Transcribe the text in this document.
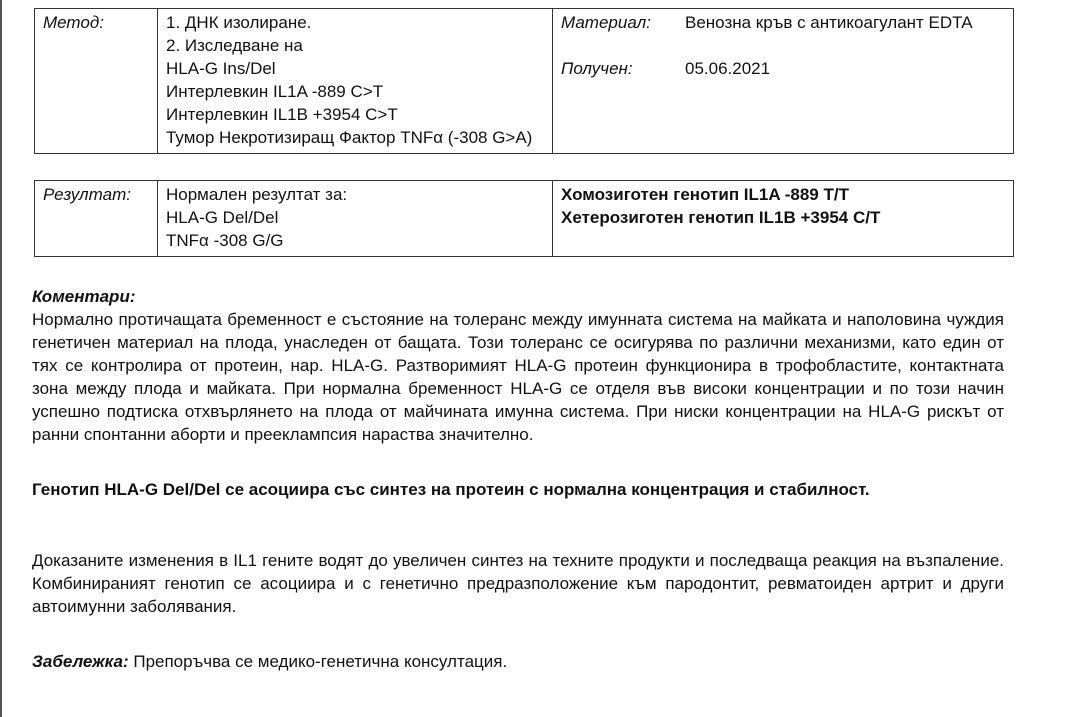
Метод:	1. ДНК изолиране.
2. Изследване на
HLA-G Ins/Del
Интерлевкин IL1A -889 C>T
Интерлевкин IL1B +3954 C>T
Тумор Некротизиращ Фактор TNFα (-308 G>A)

Материал:	Венозна кръв с антикоагулант EDTA
Получен:	05.06.2021
Резултат:	Нормален резултат за:
HLA-G Del/Del
TNFα -308 G/G

Хомозиготен генотип IL1A -889 T/T
Хетерозиготен генотип IL1B +3954 C/T
Коментари:
Нормално протичащата бременност е състояние на толеранс между имунната система на майката и наполовина чуждия генетичен материал на плода, унаследен от бащата. Този толеранс се осигурява по различни механизми, като един от тях се контролира от протеин, нар. HLA-G. Разтворимият HLA-G протеин функционира в трофобластите, контактната зона между плода и майката. При нормална бременност HLA-G се отделя във високи концентрации и по този начин успешно подтиска отхвърлянето на плода от майчината имунна система. При ниски концентрации на HLA-G рискът от ранни спонтанни аборти и прееклампсия нараства значително.
Генотип HLA-G Del/Del се асоциира със синтез на протеин с нормална концентрация и стабилност.
Доказаните изменения в IL1 гените водят до увеличен синтез на техните продукти и последваща реакция на възпаление. Комбинираният генотип се асоциира и с генетично предразположение към пародонтит, ревматоиден артрит и други автоимунни заболявания.
Забележка: Препоръчва се медико-генетична консултация.
